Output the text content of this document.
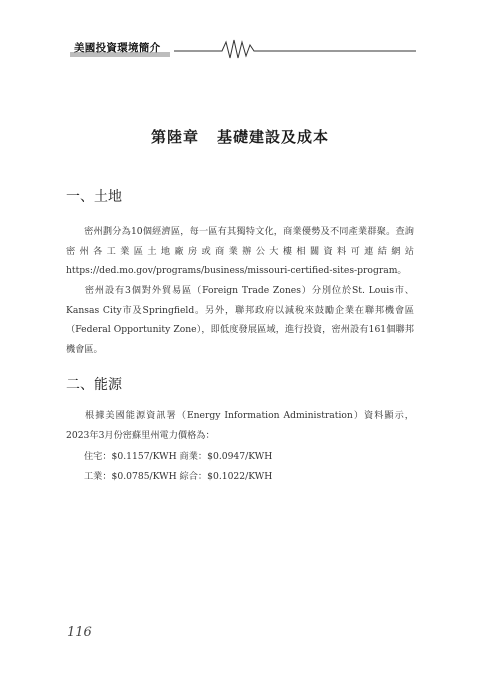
美國投資環境簡介
第陸章 基礎建設及成本
一、土地
密州劃分為10個經濟區，每一區有其獨特文化，商業優勢及不同產業群聚。查詢密州各工業區土地廠房或商業辦公大樓相關資料可連結網站https://ded.mo.gov/programs/business/missouri-certified-sites-program。
密州設有3個對外貿易區（Foreign Trade Zones）分別位於St. Louis市、Kansas City市及Springfield。另外，聯邦政府以減稅來鼓勵企業在聯邦機會區（Federal Opportunity Zone），即低度發展區域，進行投資，密州設有161個聯邦機會區。
二、能源
根據美國能源資訊署（Energy Information Administration）資料顯示，2023年3月份密蘇里州電力價格為：
住宅：$0.1157/KWH 商業：$0.0947/KWH
工業：$0.0785/KWH 綜合：$0.1022/KWH
116
